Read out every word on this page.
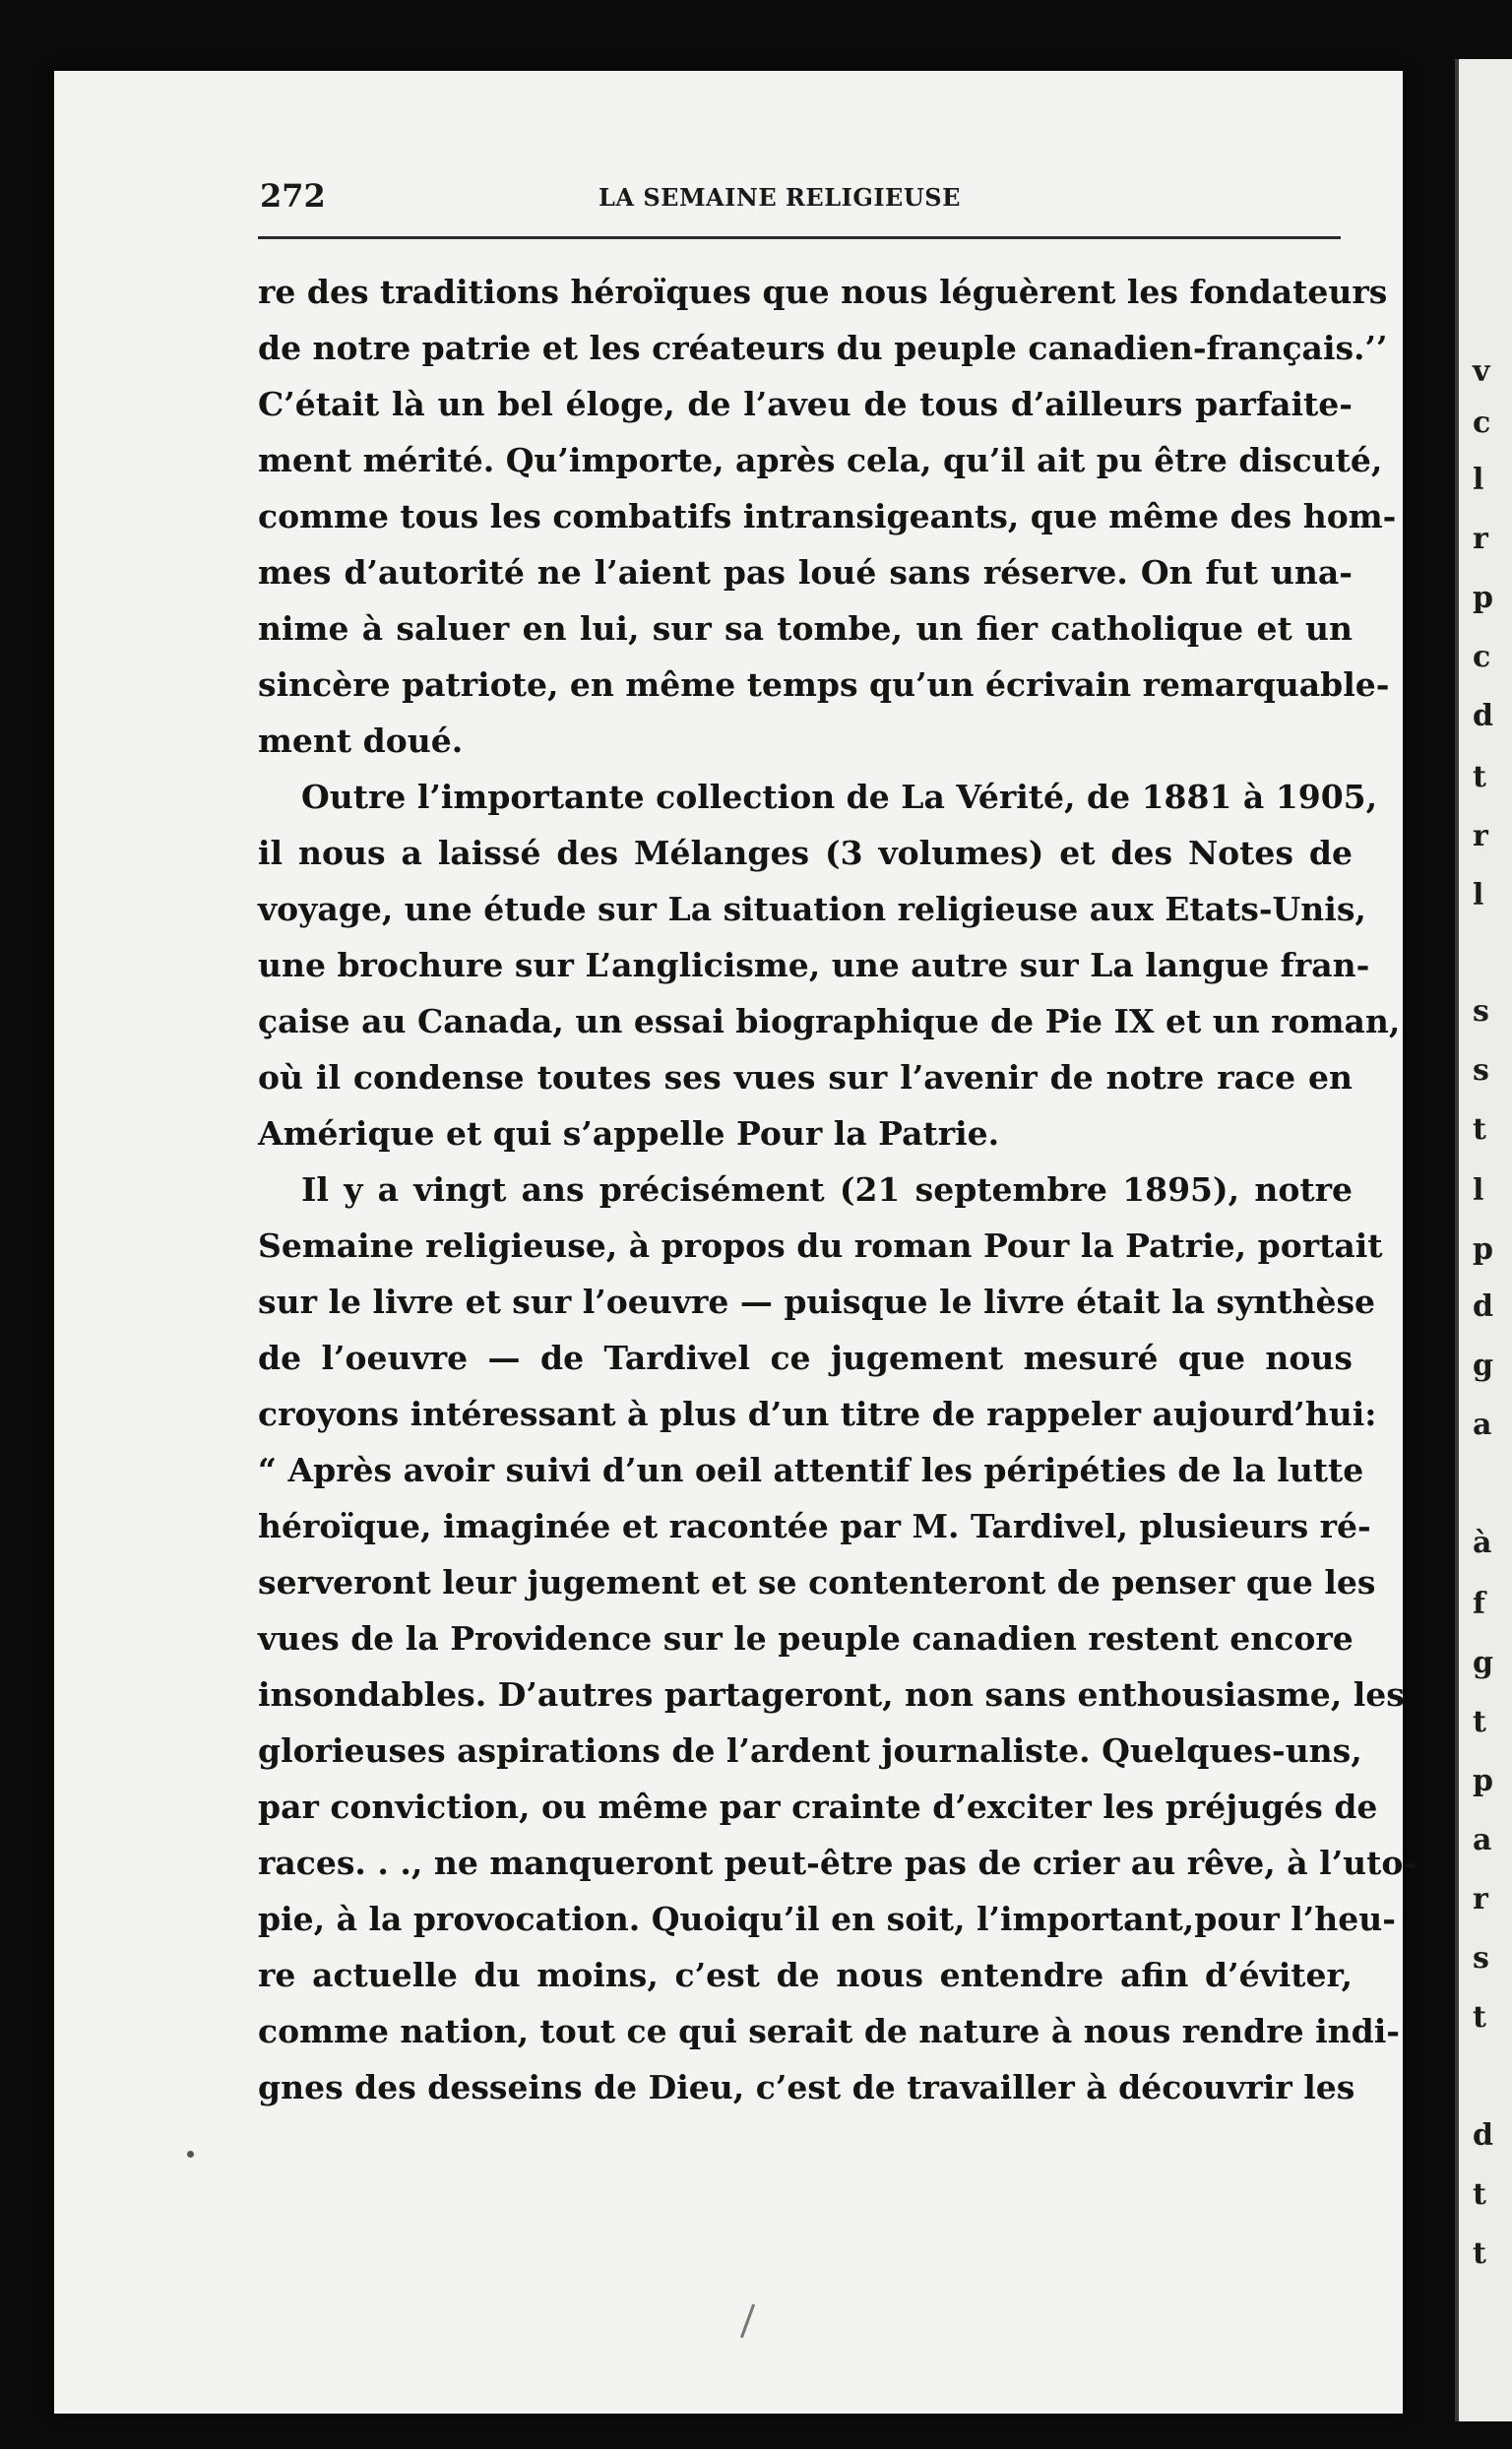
v
c
l
r
p
c
d
t
r
l
s
s
t
l
p
d
g
a
à
f
g
t
p
a
r
s
t
d
t
t
272	LA SEMAINE RELIGIEUSE
re des traditions héroïques que nous léguèrent les fondateurs
de notre patrie et les créateurs du peuple canadien-français.’’
C’était là un bel éloge, de l’aveu de tous d’ailleurs parfaite-
ment mérité. Qu’importe, après cela, qu’il ait pu être discuté,
comme tous les combatifs intransigeants, que même des hom-
mes d’autorité ne l’aient pas loué sans réserve. On fut una-
nime à saluer en lui, sur sa tombe, un fier catholique et un
sincère patriote, en même temps qu’un écrivain remarquable-
ment doué.
Outre l’importante collection de La Vérité, de 1881 à 1905,
il nous a laissé des Mélanges (3 volumes) et des Notes de
voyage, une étude sur La situation religieuse aux Etats-Unis,
une brochure sur L’anglicisme, une autre sur La langue fran-
çaise au Canada, un essai biographique de Pie IX et un roman,
où il condense toutes ses vues sur l’avenir de notre race en
Amérique et qui s’appelle Pour la Patrie.
Il y a vingt ans précisément (21 septembre 1895), notre
Semaine religieuse, à propos du roman Pour la Patrie, portait
sur le livre et sur l’oeuvre — puisque le livre était la synthèse
de l’oeuvre — de Tardivel ce jugement mesuré que nous
croyons intéressant à plus d’un titre de rappeler aujourd’hui:
“ Après avoir suivi d’un oeil attentif les péripéties de la lutte
héroïque, imaginée et racontée par M. Tardivel, plusieurs ré-
serveront leur jugement et se contenteront de penser que les
vues de la Providence sur le peuple canadien restent encore
insondables. D’autres partageront, non sans enthousiasme, les
glorieuses aspirations de l’ardent journaliste. Quelques-uns,
par conviction, ou même par crainte d’exciter les préjugés de
races. . ., ne manqueront peut-être pas de crier au rêve, à l’uto-
pie, à la provocation. Quoiqu’il en soit, l’important,pour l’heu-
re actuelle du moins, c’est de nous entendre afin d’éviter,
comme nation, tout ce qui serait de nature à nous rendre indi-
gnes des desseins de Dieu, c’est de travailler à découvrir les
